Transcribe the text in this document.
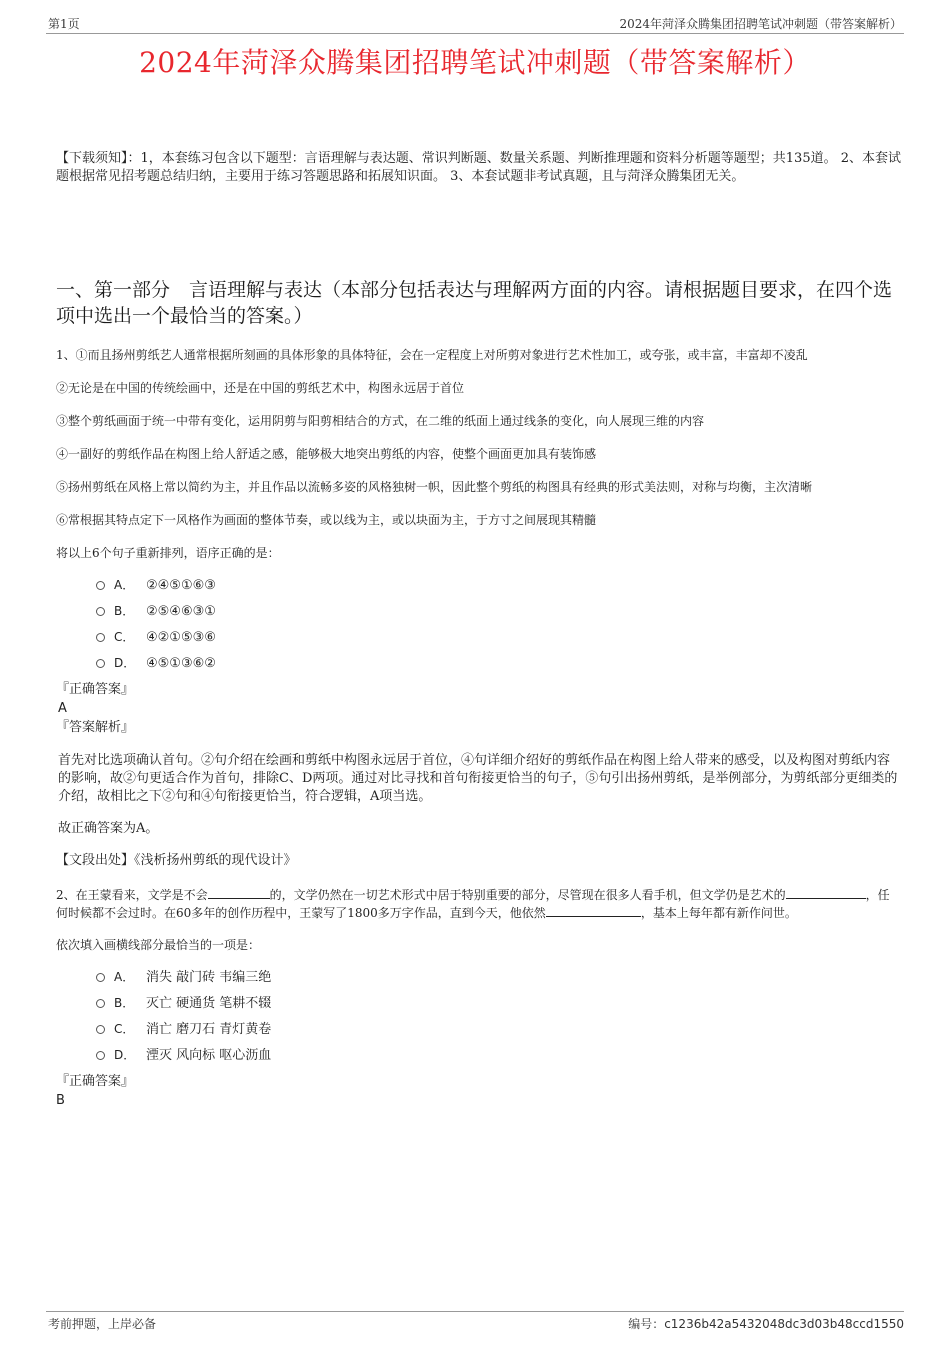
第1页	2024年菏泽众腾集团招聘笔试冲刺题（带答案解析）
2024年菏泽众腾集团招聘笔试冲刺题（带答案解析）
【下载须知】：1，本套练习包含以下题型：言语理解与表达题、常识判断题、数量关系题、判断推理题和资料分析题等题型；共135道。 2、本套试题根据常见招考题总结归纳，主要用于练习答题思路和拓展知识面。 3、本套试题非考试真题，且与菏泽众腾集团无关。
一、第一部分　言语理解与表达（本部分包括表达与理解两方面的内容。请根据题目要求，在四个选项中选出一个最恰当的答案。）

1、①而且扬州剪纸艺人通常根据所刻画的具体形象的具体特征，会在一定程度上对所剪对象进行艺术性加工，或夸张，或丰富，丰富却不凌乱

②无论是在中国的传统绘画中，还是在中国的剪纸艺术中，构图永远居于首位

③整个剪纸画面于统一中带有变化，运用阴剪与阳剪相结合的方式，在二维的纸面上通过线条的变化，向人展现三维的内容

④一副好的剪纸作品在构图上给人舒适之感，能够极大地突出剪纸的内容，使整个画面更加具有装饰感

⑤扬州剪纸在风格上常以简约为主，并且作品以流畅多姿的风格独树一帜，因此整个剪纸的构图具有经典的形式美法则，对称与均衡，主次清晰

⑥常根据其特点定下一风格作为画面的整体节奏，或以线为主，或以块面为主，于方寸之间展现其精髓

将以上6个句子重新排列，语序正确的是：

A． ②④⑤①⑥③
B． ②⑤④⑥③①
C． ④②①⑤③⑥
D． ④⑤①③⑥②

『正确答案』

A

『答案解析』

首先对比选项确认首句。②句介绍在绘画和剪纸中构图永远居于首位，④句详细介绍好的剪纸作品在构图上给人带来的感受，以及构图对剪纸内容的影响，故②句更适合作为首句，排除C、D两项。通过对比寻找和首句衔接更恰当的句子，⑤句引出扬州剪纸，是举例部分，为剪纸部分更细类的介绍，故相比之下②句和④句衔接更恰当，符合逻辑，A项当选。

故正确答案为A。

【文段出处】《浅析扬州剪纸的现代设计》

2、在王蒙看来，文学是不会	的，文学仍然在一切艺术形式中居于特别重要的部分，尽管现在很多人看手机，但文学仍是艺术的	，任何时候都不会过时。在60多年的创作历程中，王蒙写了1800多万字作品，直到今天，他依然	，基本上每年都有新作问世。

依次填入画横线部分最恰当的一项是：

A． 消失 敲门砖 韦编三绝
B． 灭亡 硬通货 笔耕不辍
C． 消亡 磨刀石 青灯黄卷
D． 湮灭 风向标 呕心沥血

『正确答案』

B

考前押题，上岸必备	编号：c1236b42a5432048dc3d03b48ccd1550
